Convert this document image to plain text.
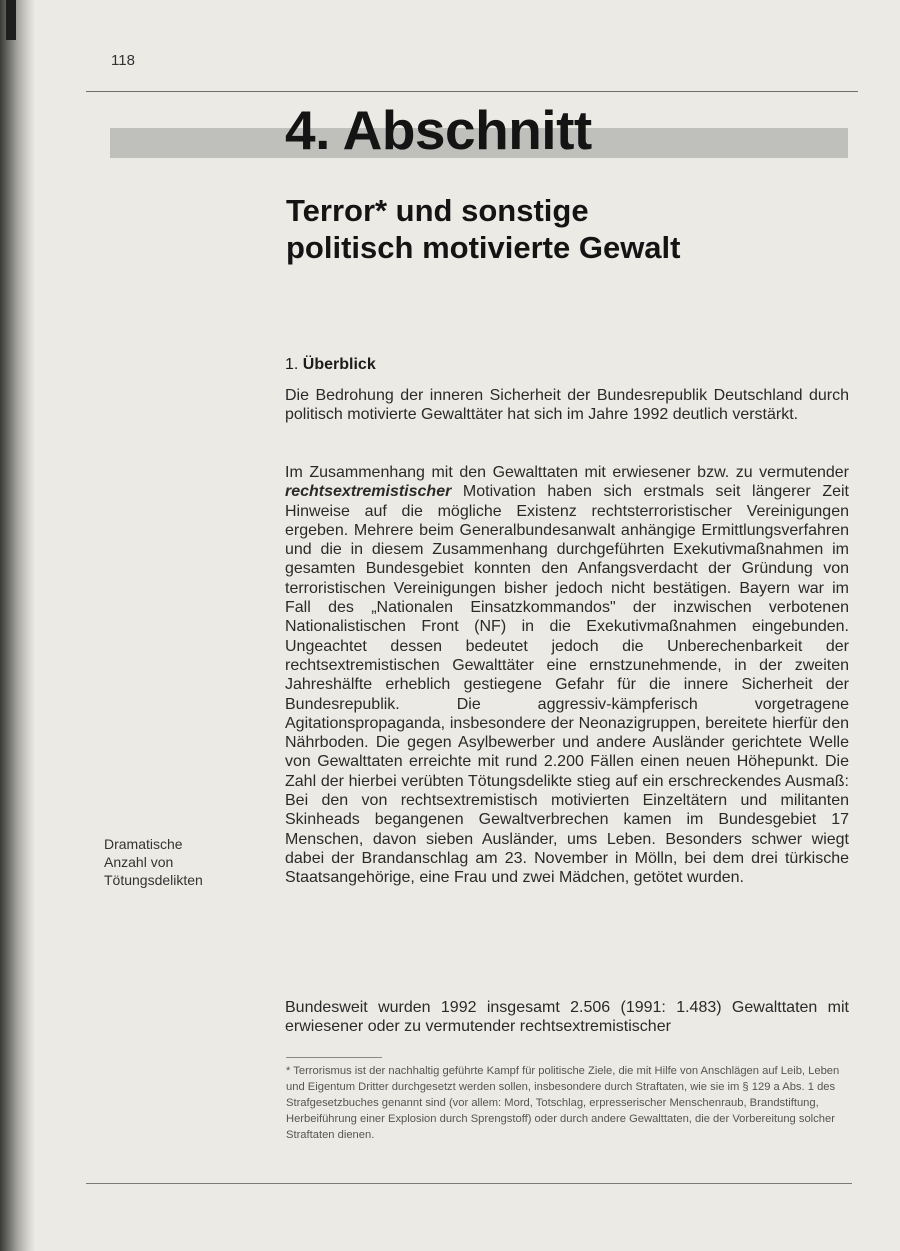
118
4. Abschnitt
Terror* und sonstige
politisch motivierte Gewalt
1. Überblick

Die Bedrohung der inneren Sicherheit der Bundesrepublik Deutschland durch politisch motivierte Gewalttäter hat sich im Jahre 1992 deutlich verstärkt.

Im Zusammenhang mit den Gewalttaten mit erwiesener bzw. zu vermutender rechtsextremistischer Motivation haben sich erstmals seit längerer Zeit Hinweise auf die mögliche Existenz rechtsterroristischer Vereinigungen ergeben. Mehrere beim Generalbundesanwalt anhängige Ermittlungsverfahren und die in diesem Zusammenhang durchgeführten Exekutivmaßnahmen im gesamten Bundesgebiet konnten den Anfangsverdacht der Gründung von terroristischen Vereinigungen bisher jedoch nicht bestätigen. Bayern war im Fall des „Nationalen Einsatzkommandos" der inzwischen verbotenen Nationalistischen Front (NF) in die Exekutivmaßnahmen eingebunden. Ungeachtet dessen bedeutet jedoch die Unberechenbarkeit der rechtsextremistischen Gewalttäter eine ernstzunehmende, in der zweiten Jahreshälfte erheblich gestiegene Gefahr für die innere Sicherheit der Bundesrepublik. Die aggressiv-kämpferisch vorgetragene Agitationspropaganda, insbesondere der Neonazigruppen, bereitete hierfür den Nährboden. Die gegen Asylbewerber und andere Ausländer gerichtete Welle von Gewalttaten erreichte mit rund 2.200 Fällen einen neuen Höhepunkt. Die Zahl der hierbei verübten Tötungsdelikte stieg auf ein erschreckendes Ausmaß: Bei den von rechtsextremistisch motivierten Einzeltätern und militanten Skinheads begangenen Gewaltverbrechen kamen im Bundesgebiet 17 Menschen, davon sieben Ausländer, ums Leben. Besonders schwer wiegt dabei der Brandanschlag am 23. November in Mölln, bei dem drei türkische Staatsangehörige, eine Frau und zwei Mädchen, getötet wurden.

Dramatische
Anzahl von
Tötungsdelikten

Bundesweit wurden 1992 insgesamt 2.506 (1991: 1.483) Gewalttaten mit erwiesener oder zu vermutender rechtsextremistischer

* Terrorismus ist der nachhaltig geführte Kampf für politische Ziele, die mit Hilfe von Anschlägen auf Leib, Leben und Eigentum Dritter durchgesetzt werden sollen, insbesondere durch Straftaten, wie sie im § 129 a Abs. 1 des Strafgesetzbuches genannt sind (vor allem: Mord, Totschlag, erpresserischer Menschenraub, Brandstiftung, Herbeiführung einer Explosion durch Sprengstoff) oder durch andere Gewalttaten, die der Vorbereitung solcher Straftaten dienen.
